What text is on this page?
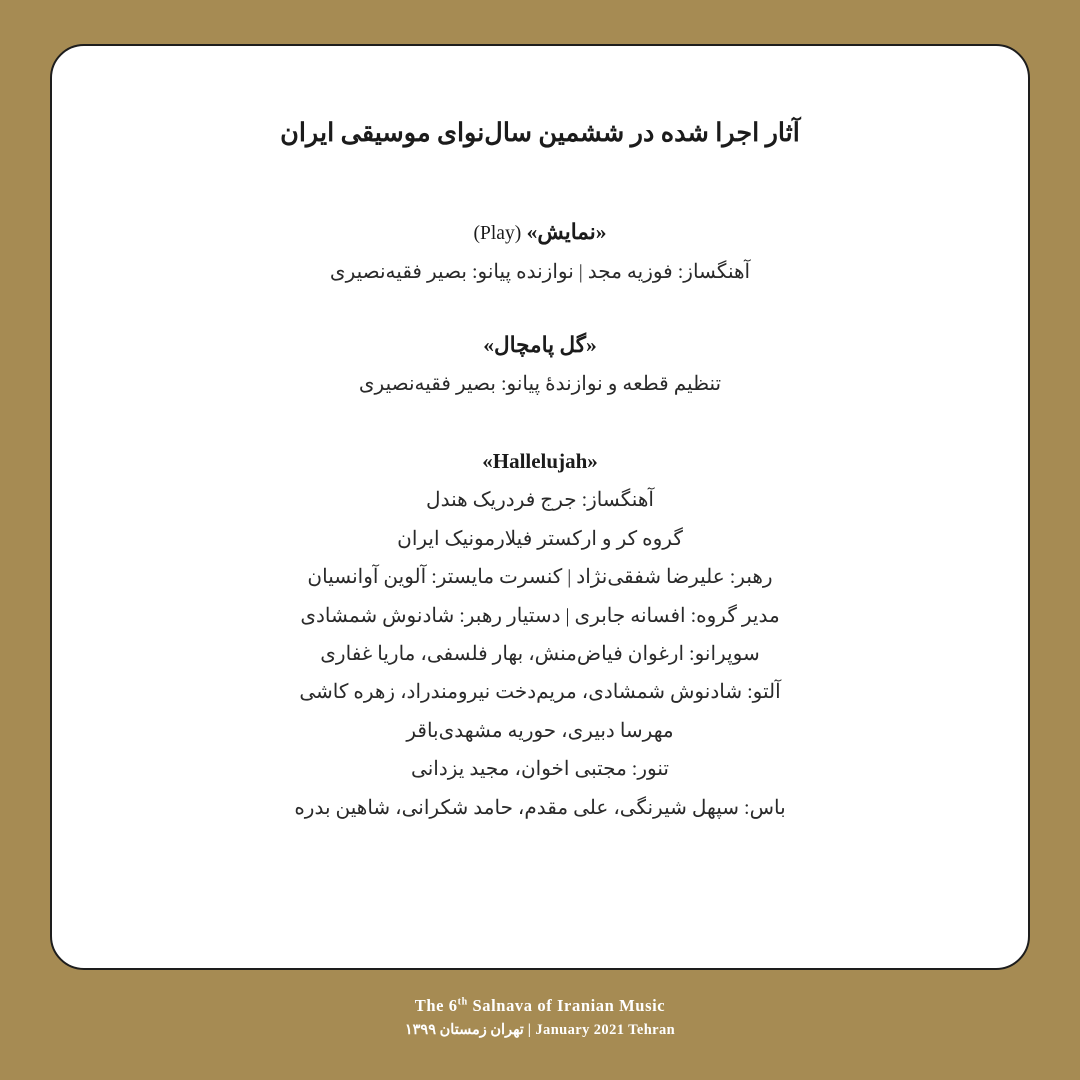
آثار اجرا شده در ششمین سال‌نوای موسیقی ایران
«نمایش» (Play)
آهنگساز: فوزیه مجد | نوازنده پیانو: بصیر فقیه‌نصیری
«گل پامچال»
تنظیم قطعه و نوازندهٔ پیانو: بصیر فقیه‌نصیری
«Hallelujah»
آهنگساز: جرج فردریک هندل
گروه کر و ارکستر فیلارمونیک ایران
رهبر: علیرضا شفقی‌نژاد | کنسرت مایستر: آلوین آوانسیان
مدیر گروه: افسانه جابری | دستیار رهبر: شادنوش شمشادی
سوپرانو: ارغوان فیاض‌منش، بهار فلسفی، ماریا غفاری
آلتو: شادنوش شمشادی، مریم‌دخت نیرومندراد، زهره کاشی
مهرسا دبیری، حوریه مشهدی‌باقر
تنور: مجتبی اخوان، مجید یزدانی
باس: سپهل شیرنگی، علی مقدم، حامد شکرانی، شاهین بدره
The 6th Salnava of Iranian Music
January 2021 Tehran|تهران زمستان ۱۳۹۹
